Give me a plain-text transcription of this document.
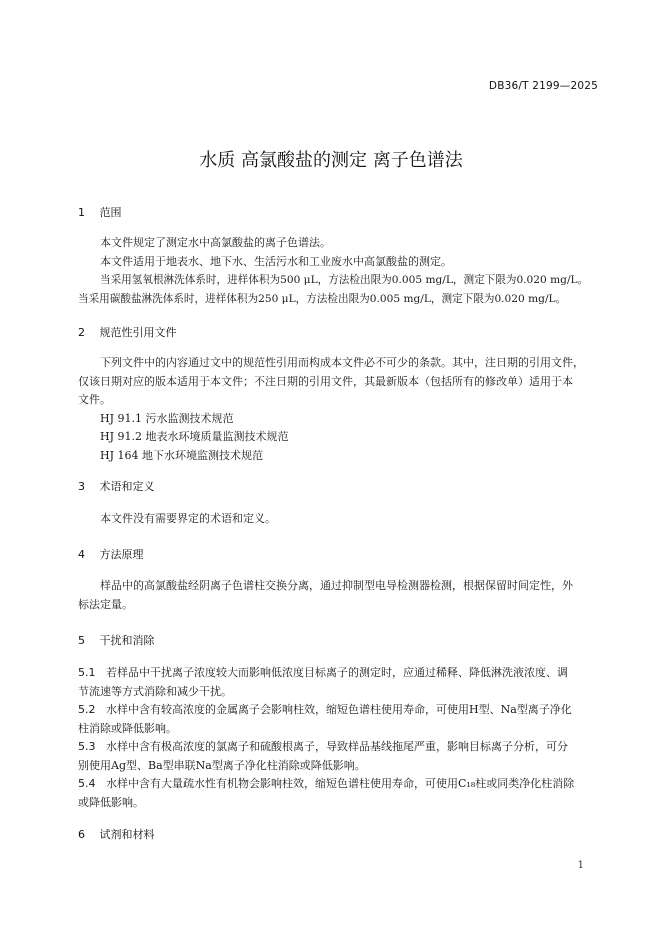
DB36/T 2199—2025
水质 高氯酸盐的测定 离子色谱法
1 范围
本文件规定了测定水中高氯酸盐的离子色谱法。
本文件适用于地表水、地下水、生活污水和工业废水中高氯酸盐的测定。
当采用氢氧根淋洗体系时，进样体积为500 μL，方法检出限为0.005 mg/L，测定下限为0.020 mg/L。
当采用碳酸盐淋洗体系时，进样体积为250 μL，方法检出限为0.005 mg/L，测定下限为0.020 mg/L。
2 规范性引用文件
下列文件中的内容通过文中的规范性引用而构成本文件必不可少的条款。其中，注日期的引用文件，
仅该日期对应的版本适用于本文件；不注日期的引用文件，其最新版本（包括所有的修改单）适用于本
文件。
HJ 91.1 污水监测技术规范
HJ 91.2 地表水环境质量监测技术规范
HJ 164 地下水环境监测技术规范
3 术语和定义
本文件没有需要界定的术语和定义。
4 方法原理
样品中的高氯酸盐经阴离子色谱柱交换分离，通过抑制型电导检测器检测，根据保留时间定性，外
标法定量。
5 干扰和消除
5.1 若样品中干扰离子浓度较大而影响低浓度目标离子的测定时，应通过稀释、降低淋洗液浓度、调
节流速等方式消除和减少干扰。
5.2 水样中含有较高浓度的金属离子会影响柱效，缩短色谱柱使用寿命，可使用H型、Na型离子净化
柱消除或降低影响。
5.3 水样中含有极高浓度的氯离子和硫酸根离子，导致样品基线拖尾严重，影响目标离子分析，可分
别使用Ag型、Ba型串联Na型离子净化柱消除或降低影响。
5.4 水样中含有大量疏水性有机物会影响柱效，缩短色谱柱使用寿命，可使用C₁₈柱或同类净化柱消除
或降低影响。
6 试剂和材料
1
